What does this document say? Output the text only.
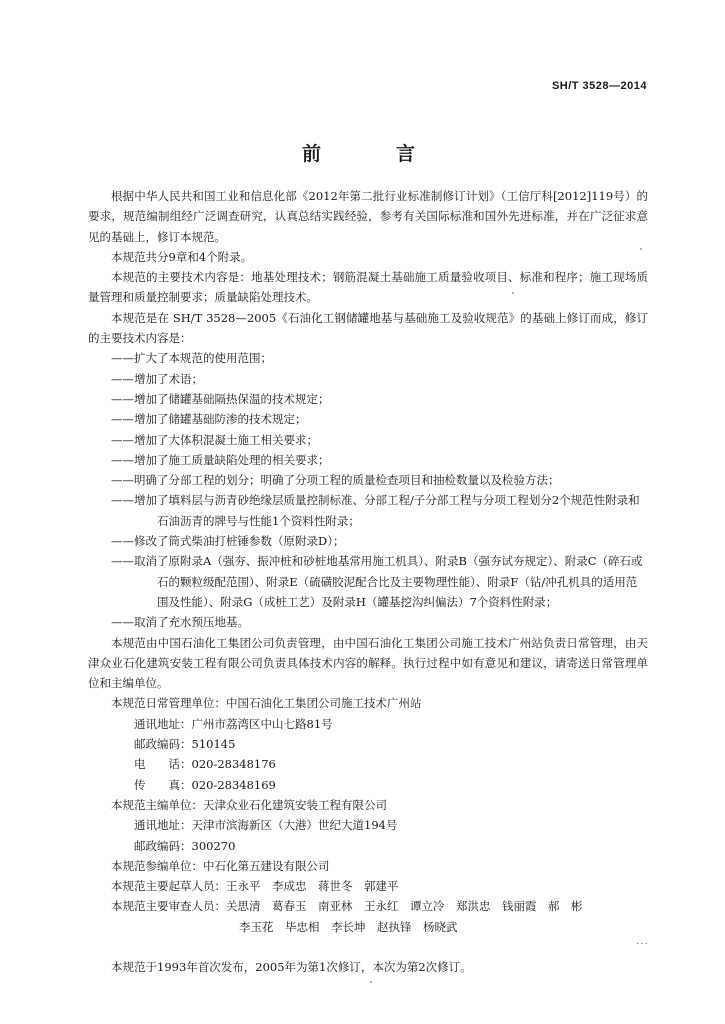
SH/T 3528—2014
前　言

根据中华人民共和国工业和信息化部《2012年第二批行业标准制修订计划》（工信厅科[2012]119号）的要求，规范编制组经广泛调查研究，认真总结实践经验，参考有关国际标准和国外先进标准，并在广泛征求意见的基础上，修订本规范。

本规范共分9章和4个附录。

本规范的主要技术内容是：地基处理技术；钢筋混凝土基础施工质量验收项目、标准和程序；施工现场质量管理和质量控制要求；质量缺陷处理技术。

本规范是在 SH/T 3528—2005《石油化工钢储罐地基与基础施工及验收规范》的基础上修订而成，修订的主要技术内容是：

——扩大了本规范的使用范围；

——增加了术语；

——增加了储罐基础隔热保温的技术规定；

——增加了储罐基础防渗的技术规定；

——增加了大体积混凝土施工相关要求；

——增加了施工质量缺陷处理的相关要求；

——明确了分部工程的划分；明确了分项工程的质量检查项目和抽检数量以及检验方法；

——增加了填料层与沥青砂绝缘层质量控制标准、分部工程/子分部工程与分项工程划分2个规范性附录和石油沥青的牌号与性能1个资料性附录；

——修改了筒式柴油打桩锤参数（原附录D）；

——取消了原附录A（强夯、振冲桩和砂桩地基常用施工机具）、附录B（强夯试夯规定）、附录C（碎石或石的颗粒级配范围）、附录E（硫磺胶泥配合比及主要物理性能）、附录F（钻/冲孔机具的适用范围及性能）、附录G（成桩工艺）及附录H（罐基挖沟纠偏法）7个资料性附录；

——取消了充水预压地基。

本规范由中国石油化工集团公司负责管理，由中国石油化工集团公司施工技术广州站负责日常管理，由天津众业石化建筑安装工程有限公司负责具体技术内容的解释。执行过程中如有意见和建议，请寄送日常管理单位和主编单位。

本规范日常管理单位：中国石油化工集团公司施工技术广州站

通讯地址：广州市荔湾区中山七路81号

邮政编码：510145

电　　话：020-28348176

传　　真：020-28348169

本规范主编单位：天津众业石化建筑安装工程有限公司

通讯地址：天津市滨海新区（大港）世纪大道194号

邮政编码：300270

本规范参编单位：中石化第五建设有限公司

本规范主要起草人员：王永平　李成忠　蒋世冬　郭建平

本规范主要审查人员：关思清　葛春玉　南亚林　王永红　谭立冷　郑洪忠　钱丽霞　郝　彬

李玉花　毕忠相　李长坤　赵执锋　杨晓武

本规范于1993年首次发布，2005年为第1次修订，本次为第2次修订。

···
